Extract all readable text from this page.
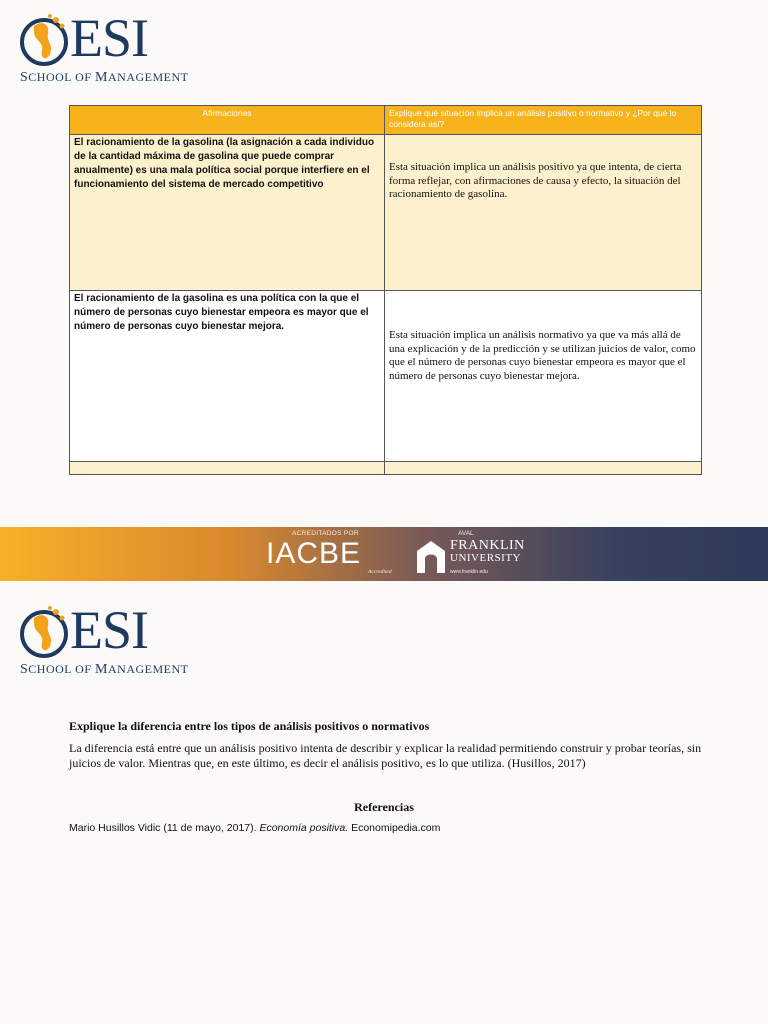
ESI
SCHOOL OF MANAGEMENT
Afirmaciones	Explique qué situación implica un análisis positivo o normativo y ¿Por qué lo considera así?

El racionamiento de la gasolina (la asignación a cada individuo de la cantidad máxima de gasolina que puede comprar anualmente) es una mala política social porque interfiere en el funcionamiento del sistema de mercado competitivo	Esta situación implica un análisis positivo ya que intenta, de cierta forma reflejar, con afirmaciones de causa y efecto, la situación del racionamiento de gasolina.

El racionamiento de la gasolina es una política con la que el número de personas cuyo bienestar empeora es mayor que el número de personas cuyo bienestar mejora.	Esta situación implica un análisis normativo ya que va más allá de una explicación y de la predicción y se utilizan juicios de valor, como que el número de personas cuyo bienestar empeora es mayor que el número de personas cuyo bienestar mejora.

ACREDITADOS POR
IACBE
Accredited
AVAL
FRANKLIN
UNIVERSITY
www.franklin.edu
ESI
SCHOOL OF MANAGEMENT
Explique la diferencia entre los tipos de análisis positivos o normativos
La diferencia está entre que un análisis positivo intenta de describir y explicar la realidad permitiendo construir y probar teorías, sin juicios de valor. Mientras que, en este último, es decir el análisis positivo, es lo que utiliza. (Husillos, 2017)
Referencias
Mario Husillos Vidic (11 de mayo, 2017). Economía positiva. Economipedia.com
